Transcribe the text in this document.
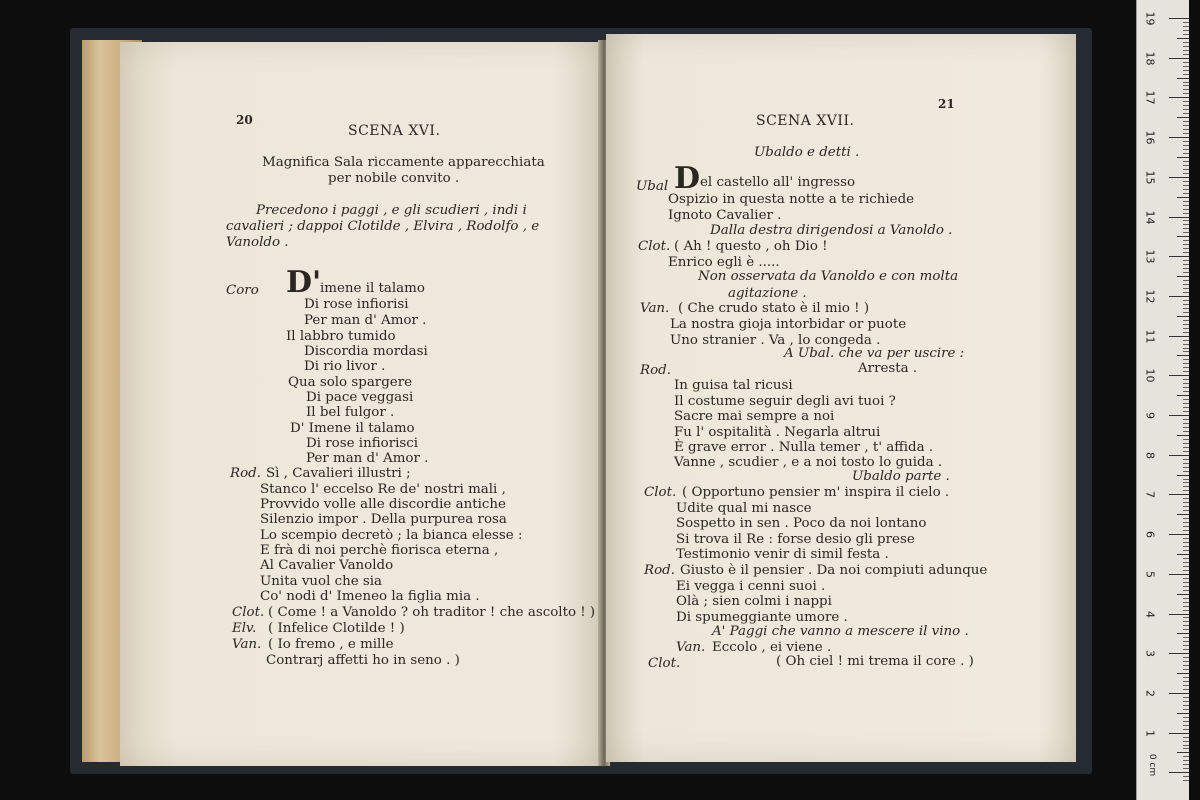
20
SCENA XVI.
Magnifica Sala riccamente apparecchiata
per nobile convito .
Precedono i paggi , e gli scudieri , indi i
cavalieri ; dappoi Clotilde , Elvira , Rodolfo , e
Vanoldo .
Coro D'
imene il talamo
Di rose infiorisi
Per man d' Amor .
Il labbro tumido
Discordia mordasi
Di rio livor .
Qua solo spargere
Di pace veggasi
Il bel fulgor .
D' Imene il talamo
Di rose infiorisci
Per man d' Amor .
Rod. Sì , Cavalieri illustri ;
Stanco l' eccelso Re de' nostri mali ,
Provvido volle alle discordie antiche
Silenzio impor . Della purpurea rosa
Lo scempio decretò ; la bianca elesse :
E frà di noi perchè fiorisca eterna ,
Al Cavalier Vanoldo
Unita vuol che sia
Co' nodi d' Imeneo la figlia mia .
Clot. ( Come ! a Vanoldo ? oh traditor ! che ascolto ! )
Elv. ( Infelice Clotilde ! )
Van. ( Io fremo , e mille
Contrarj affetti ho in seno . )
21
SCENA XVII.
Ubaldo e detti .
Ubal D el castello all' ingresso
Ospizio in questa notte a te richiede
Ignoto Cavalier .
Dalla destra dirigendosi a Vanoldo .
Clot. ( Ah ! questo , oh Dio !
Enrico egli è .....
Non osservata da Vanoldo e con molta
agitazione .
Van. ( Che crudo stato è il mio ! )
La nostra gioja intorbidar or puote
Uno stranier . Va , lo congeda .
A Ubal. che va per uscire :
Rod.	Arresta .
In guisa tal ricusi
Il costume seguir degli avi tuoi ?
Sacre mai sempre a noi
Fu l' ospitalità . Negarla altrui
È grave error . Nulla temer , t' affida .
Vanne , scudier , e a noi tosto lo guida .
Ubaldo parte .
Clot. ( Opportuno pensier m' inspira il cielo .
Udite qual mi nasce
Sospetto in sen . Poco da noi lontano
Si trova il Re : forse desio gli prese
Testimonio venir di simil festa .
Rod. Giusto è il pensier . Da noi compiuti adunque
Ei vegga i cenni suoi .
Olà ; sien colmi i nappi
Di spumeggiante umore .
A' Paggi che vanno a mescere il vino .
Van. Eccolo , ei viene .
Clot.	( Oh ciel ! mi trema il core . )
0 cm
19
18
17
16
15
14
13
12
11
10
9
8
7
6
5
4
3
2
1
